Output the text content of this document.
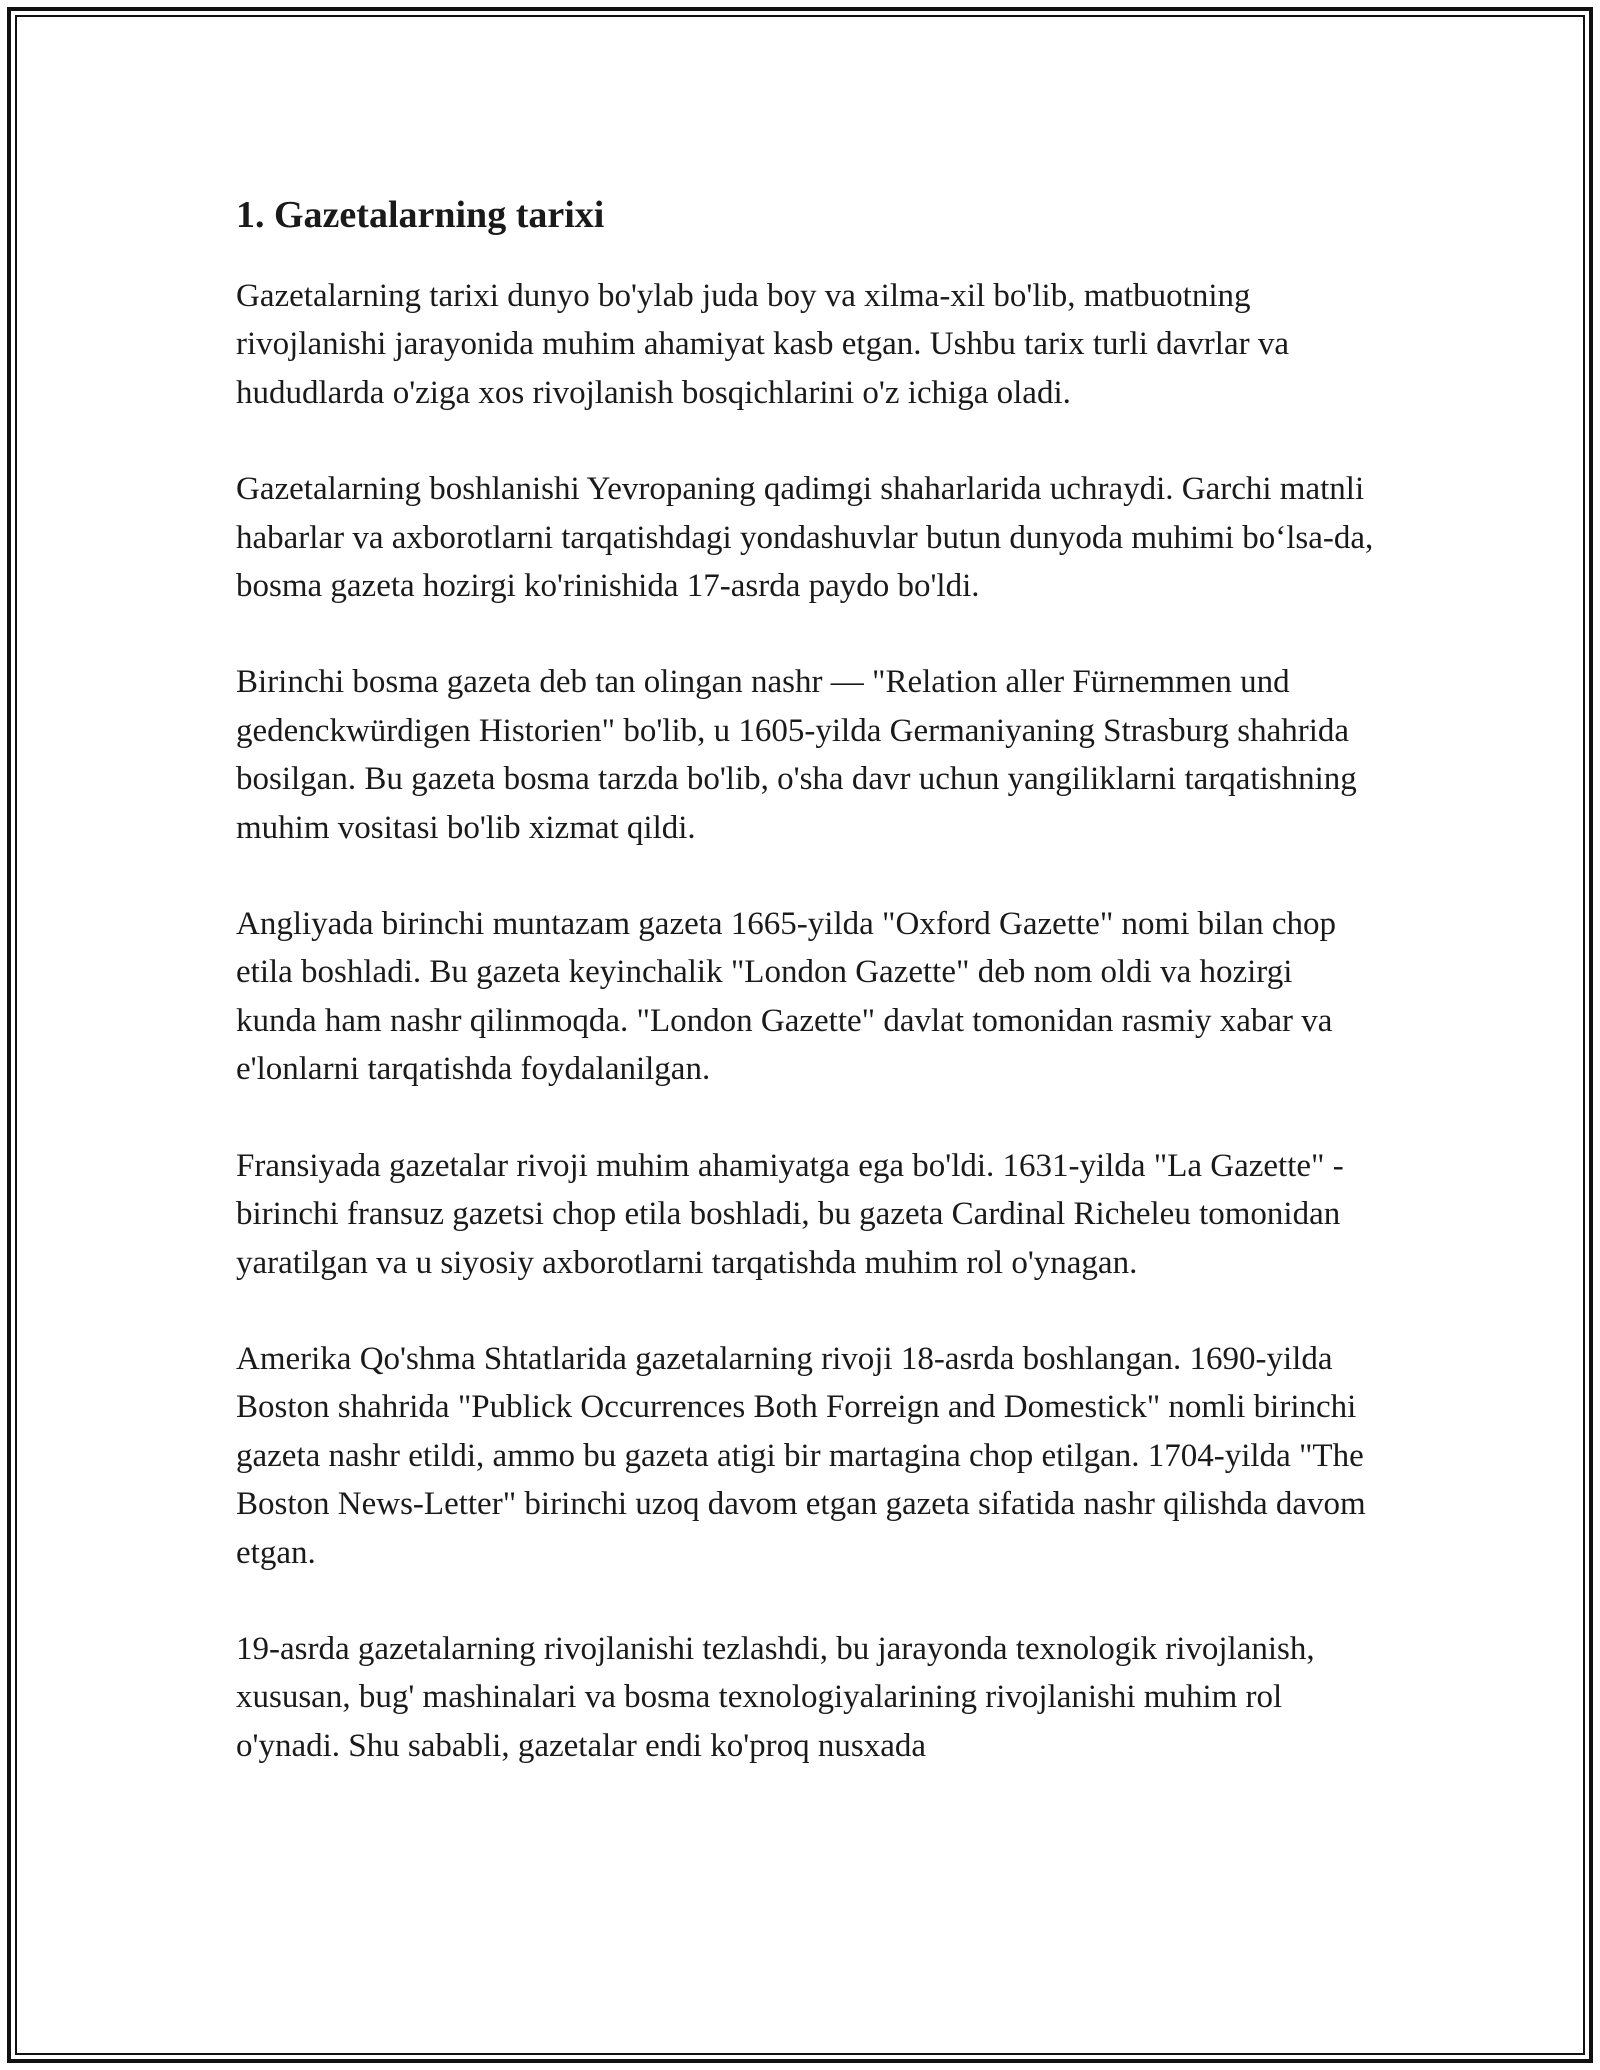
1. Gazetalarning tarixi

Gazetalarning tarixi dunyo bo'ylab juda boy va xilma-xil bo'lib, matbuotning rivojlanishi jarayonida muhim ahamiyat kasb etgan. Ushbu tarix turli davrlar va hududlarda o'ziga xos rivojlanish bosqichlarini o'z ichiga oladi.

Gazetalarning boshlanishi Yevropaning qadimgi shaharlarida uchraydi. Garchi matnli habarlar va axborotlarni tarqatishdagi yondashuvlar butun dunyoda muhimi bo‘lsa-da, bosma gazeta hozirgi ko'rinishida 17-asrda paydo bo'ldi.

Birinchi bosma gazeta deb tan olingan nashr — "Relation aller Fürnemmen und gedenckwürdigen Historien" bo'lib, u 1605-yilda Germaniyaning Strasburg shahrida bosilgan. Bu gazeta bosma tarzda bo'lib, o'sha davr uchun yangiliklarni tarqatishning muhim vositasi bo'lib xizmat qildi.

Angliyada birinchi muntazam gazeta 1665-yilda "Oxford Gazette" nomi bilan chop etila boshladi. Bu gazeta keyinchalik "London Gazette" deb nom oldi va hozirgi kunda ham nashr qilinmoqda. "London Gazette" davlat tomonidan rasmiy xabar va e'lonlarni tarqatishda foydalanilgan.

Fransiyada gazetalar rivoji muhim ahamiyatga ega bo'ldi. 1631-yilda "La Gazette" - birinchi fransuz gazetsi chop etila boshladi, bu gazeta Cardinal Richeleu tomonidan yaratilgan va u siyosiy axborotlarni tarqatishda muhim rol o'ynagan.

Amerika Qo'shma Shtatlarida gazetalarning rivoji 18-asrda boshlangan. 1690-yilda Boston shahrida "Publick Occurrences Both Forreign and Domestick" nomli birinchi gazeta nashr etildi, ammo bu gazeta atigi bir martagina chop etilgan. 1704-yilda "The Boston News-Letter" birinchi uzoq davom etgan gazeta sifatida nashr qilishda davom etgan.

19-asrda gazetalarning rivojlanishi tezlashdi, bu jarayonda texnologik rivojlanish, xususan, bug' mashinalari va bosma texnologiyalarining rivojlanishi muhim rol o'ynadi. Shu sababli, gazetalar endi ko'proq nusxada
